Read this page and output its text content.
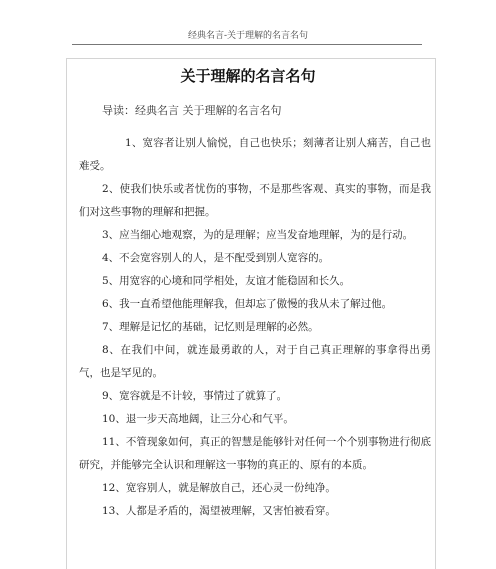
经典名言-关于理解的名言名句
关于理解的名言名句
导读：经典名言 关于理解的名言名句

1、宽容者让别人愉悦，自己也快乐；刻薄者让别人痛苦，自己也难受。

2、使我们快乐或者忧伤的事物，不是那些客观、真实的事物，而是我们对这些事物的理解和把握。

3、应当细心地观察，为的是理解；应当发奋地理解，为的是行动。

4、不会宽容别人的人，是不配受到别人宽容的。

5、用宽容的心境和同学相处，友谊才能稳固和长久。

6、我一直希望他能理解我，但却忘了傲慢的我从未了解过他。

7、理解是记忆的基础，记忆则是理解的必然。

8、在我们中间，就连最勇敢的人，对于自己真正理解的事拿得出勇气，也是罕见的。

9、宽容就是不计较，事情过了就算了。

10、退一步天高地阔，让三分心和气平。

11、不管现象如何，真正的智慧是能够针对任何一个个别事物进行彻底研究，并能够完全认识和理解这一事物的真正的、原有的本质。

12、宽容别人，就是解放自己，还心灵一份纯净。

13、人都是矛盾的，渴望被理解，又害怕被看穿。
